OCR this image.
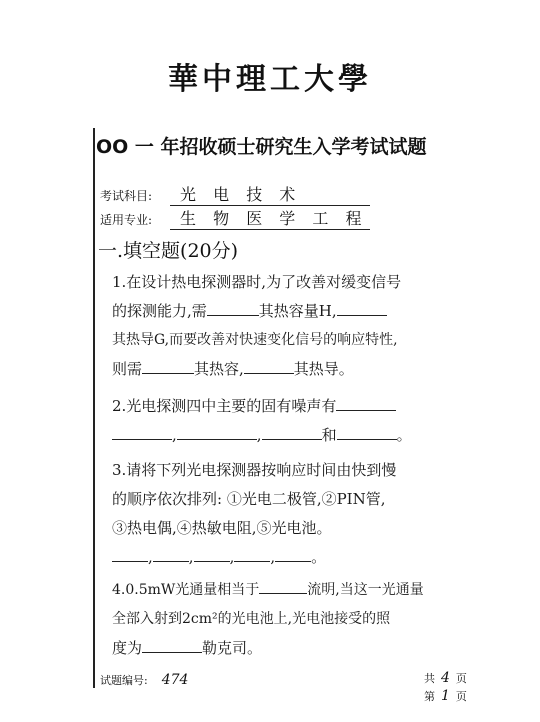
華中理工大學
OO 一 年招收硕士研究生入学考试试题
考试科目: 光 电 技 术
适用专业: 生 物 医 学 工 程
一.填空题(20分)
1.在设计热电探测器时,为了改善对缓变信号
的探测能力,需	其热容量H,
其热导G,而要改善对快速变化信号的响应特性,
则需	其热容,	其热导。
2.光电探测四中主要的固有噪声有
,	,	和	。
3.请将下列光电探测器按响应时间由快到慢
的顺序依次排列: ①光电二极管,②PIN管,
③热电偶,④热敏电阻,⑤光电池。
, , , , 。
4.0.5mW光通量相当于	流明,当这一光通量
全部入射到2cm²的光电池上,光电池接受的照
度为	勒克司。
试题编号: 474	共 4 页
第 1 页
